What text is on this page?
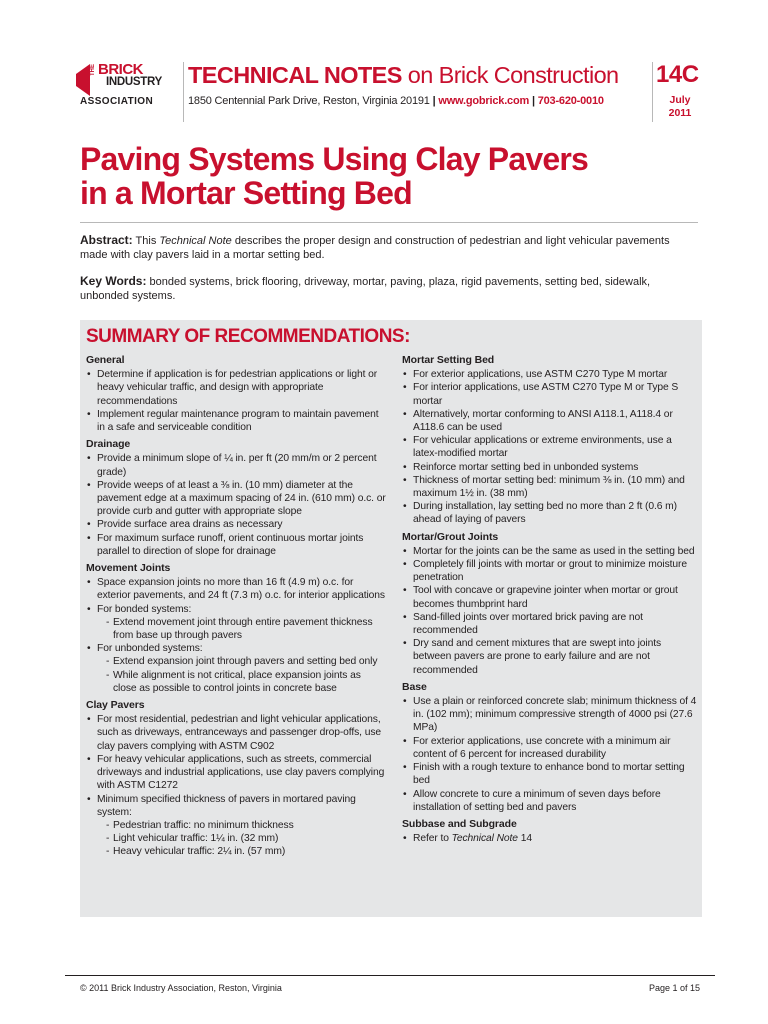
THE BRICK
INDUSTRY
ASSOCIATION
TECHNICAL NOTES on Brick Construction
1850 Centennial Park Drive, Reston, Virginia 20191 | www.gobrick.com | 703-620-0010
14C
July
2011
Paving Systems Using Clay Pavers
in a Mortar Setting Bed
Abstract: This Technical Note describes the proper design and construction of pedestrian and light vehicular pavements made with clay pavers laid in a mortar setting bed.
Key Words: bonded systems, brick flooring, driveway, mortar, paving, plaza, rigid pavements, setting bed, sidewalk, unbonded systems.
SUMMARY OF RECOMMENDATIONS:
General
• Determine if application is for pedestrian applications or light or heavy vehicular traffic, and design with appropriate recommendations
• Implement regular maintenance program to maintain pavement in a safe and serviceable condition
Drainage
• Provide a minimum slope of ¼ in. per ft (20 mm/m or 2 percent grade)
• Provide weeps of at least a ⅜ in. (10 mm) diameter at the pavement edge at a maximum spacing of 24 in. (610 mm) o.c. or provide curb and gutter with appropriate slope
• Provide surface area drains as necessary
• For maximum surface runoff, orient continuous mortar joints parallel to direction of slope for drainage
Movement Joints
• Space expansion joints no more than 16 ft (4.9 m) o.c. for exterior pavements, and 24 ft (7.3 m) o.c. for interior applications
• For bonded systems:
- Extend movement joint through entire pavement thickness from base up through pavers
• For unbonded systems:
- Extend expansion joint through pavers and setting bed only
- While alignment is not critical, place expansion joints as close as possible to control joints in concrete base
Clay Pavers
• For most residential, pedestrian and light vehicular applications, such as driveways, entranceways and passenger drop-offs, use clay pavers complying with ASTM C902
• For heavy vehicular applications, such as streets, commercial driveways and industrial applications, use clay pavers complying with ASTM C1272
• Minimum specified thickness of pavers in mortared paving system:
- Pedestrian traffic: no minimum thickness
- Light vehicular traffic: 1¼ in. (32 mm)
- Heavy vehicular traffic: 2¼ in. (57 mm)
Mortar Setting Bed
• For exterior applications, use ASTM C270 Type M mortar
• For interior applications, use ASTM C270 Type M or Type S mortar
• Alternatively, mortar conforming to ANSI A118.1, A118.4 or A118.6 can be used
• For vehicular applications or extreme environments, use a latex-modified mortar
• Reinforce mortar setting bed in unbonded systems
• Thickness of mortar setting bed: minimum ⅜ in. (10 mm) and maximum 1½ in. (38 mm)
• During installation, lay setting bed no more than 2 ft (0.6 m) ahead of laying of pavers
Mortar/Grout Joints
• Mortar for the joints can be the same as used in the setting bed
• Completely fill joints with mortar or grout to minimize moisture penetration
• Tool with concave or grapevine jointer when mortar or grout becomes thumbprint hard
• Sand-filled joints over mortared brick paving are not recommended
• Dry sand and cement mixtures that are swept into joints between pavers are prone to early failure and are not recommended
Base
• Use a plain or reinforced concrete slab; minimum thickness of 4 in. (102 mm); minimum compressive strength of 4000 psi (27.6 MPa)
• For exterior applications, use concrete with a minimum air content of 6 percent for increased durability
• Finish with a rough texture to enhance bond to mortar setting bed
• Allow concrete to cure a minimum of seven days before installation of setting bed and pavers
Subbase and Subgrade
• Refer to Technical Note 14
© 2011 Brick Industry Association, Reston, Virginia	Page 1 of 15
